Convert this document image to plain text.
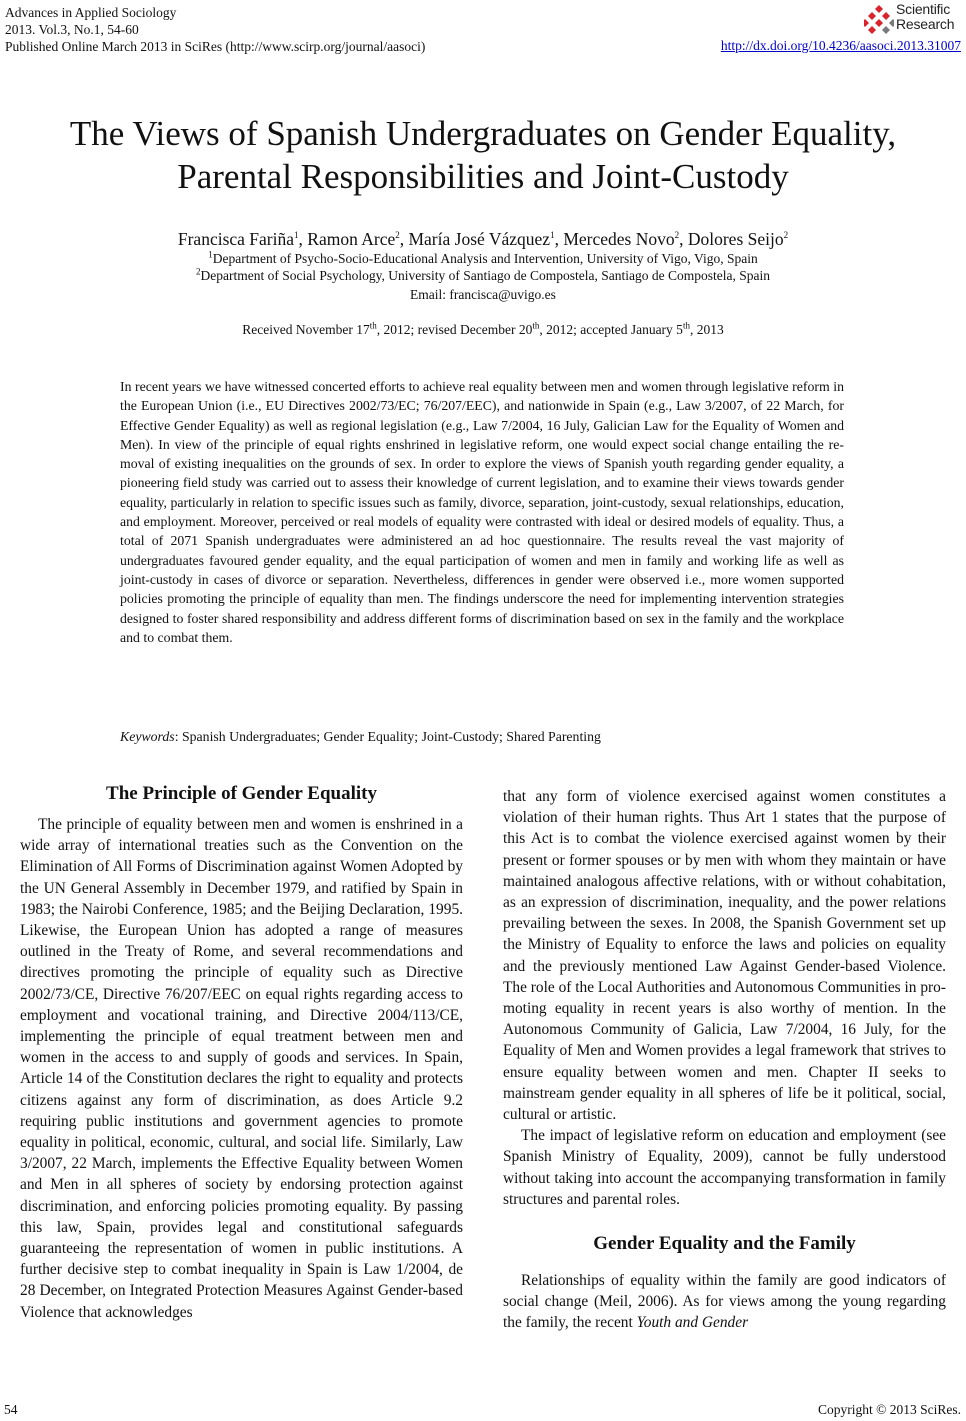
Advances in Applied Sociology
2013. Vol.3, No.1, 54-60
Published Online March 2013 in SciRes (http://www.scirp.org/journal/aasoci)
Scientific
Research
http://dx.doi.org/10.4236/aasoci.2013.31007
The Views of Spanish Undergraduates on Gender Equality,
Parental Responsibilities and Joint-Custody
Francisca Fariña$^1$, Ramon Arce$^2$, María José Vázquez$^1$, Mercedes Novo$^2$, Dolores Seijo$^2$
$^1$Department of Psycho-Socio-Educational Analysis and Intervention, University of Vigo, Vigo, Spain
$^2$Department of Social Psychology, University of Santiago de Compostela, Santiago de Compostela, Spain
Email: francisca@uvigo.es
Received November 17th, 2012; revised December 20th, 2012; accepted January 5th, 2013

In recent years we have witnessed concerted efforts to achieve real equality between men and women through legislative reform in the European Union (i.e., EU Directives 2002/73/EC; 76/207/EEC), and nationwide in Spain (e.g., Law 3/2007, of 22 March, for Effective Gender Equality) as well as regional legislation (e.g., Law 7/2004, 16 July, Galician Law for the Equality of Women and Men). In view of the principle of equal rights enshrined in legislative reform, one would expect social change entailing the removal of existing inequalities on the grounds of sex. In order to explore the views of Spanish youth regarding gender equality, a pioneering field study was carried out to assess their knowledge of current legislation, and to examine their views towards gender equality, particularly in relation to specific issues such as family, divorce, separation, joint-custody, sexual relationships, education, and employment. Moreover, perceived or real models of equality were contrasted with ideal or desired models of equality. Thus, a total of 2071 Spanish undergraduates were administered an ad hoc questionnaire. The results reveal the vast majority of undergraduates favoured gender equality, and the equal participation of women and men in family and working life as well as joint-custody in cases of divorce or separation. Nevertheless, differences in gender were observed i.e., more women supported policies promoting the principle of equality than men. The findings underscore the need for implementing intervention strategies designed to foster shared responsibility and address different forms of discrimination based on sex in the family and the workplace and to combat them.

Keywords: Spanish Undergraduates; Gender Equality; Joint-Custody; Shared Parenting
The Principle of Gender Equality

The principle of equality between men and women is enshrined in a wide array of international treaties such as the Convention on the Elimination of All Forms of Discrimination against Women Adopted by the UN General Assembly in December 1979, and ratified by Spain in 1983; the Nairobi Conference, 1985; and the Beijing Declaration, 1995. Likewise, the European Union has adopted a range of measures outlined in the Treaty of Rome, and several recommendations and directives promoting the principle of equality such as Directive 2002/73/CE, Directive 76/207/EEC on equal rights regarding access to employment and vocational training, and Directive 2004/113/CE, implementing the principle of equal treatment between men and women in the access to and supply of goods and services. In Spain, Article 14 of the Constitution declares the right to equality and protects citizens against any form of discrimination, as does Article 9.2 requiring public institutions and government agencies to promote equality in political, economic, cultural, and social life. Similarly, Law 3/2007, 22 March, implements the Effective Equality between Women and Men in all spheres of society by endorsing protection against discrimination, and enforcing policies promoting equality. By passing this law, Spain, provides legal and constitutional safeguards guaranteeing the representation of women in public institutions. A further decisive step to combat inequality in Spain is Law 1/2004, de 28 December, on Integrated Protection Measures Against Gender-based Violence that acknowledges

that any form of violence exercised against women constitutes a violation of their human rights. Thus Art 1 states that the purpose of this Act is to combat the violence exercised against women by their present or former spouses or by men with whom they maintain or have maintained analogous affective relations, with or without cohabitation, as an expression of discrimination, inequality, and the power relations prevailing between the sexes. In 2008, the Spanish Government set up the Ministry of Equality to enforce the laws and policies on equality and the previously mentioned Law Against Gender-based Violence. The role of the Local Authorities and Autonomous Communities in promoting equality in recent years is also worthy of mention. In the Autonomous Community of Galicia, Law 7/2004, 16 July, for the Equality of Men and Women provides a legal framework that strives to ensure equality between women and men. Chapter II seeks to mainstream gender equality in all spheres of life be it political, social, cultural or artistic.

The impact of legislative reform on education and employment (see Spanish Ministry of Equality, 2009), cannot be fully understood without taking into account the accompanying transformation in family structures and parental roles.

Gender Equality and the Family

Relationships of equality within the family are good indicators of social change (Meil, 2006). As for views among the young regarding the family, the recent Youth and Gender

54	Copyright © 2013 SciRes.
